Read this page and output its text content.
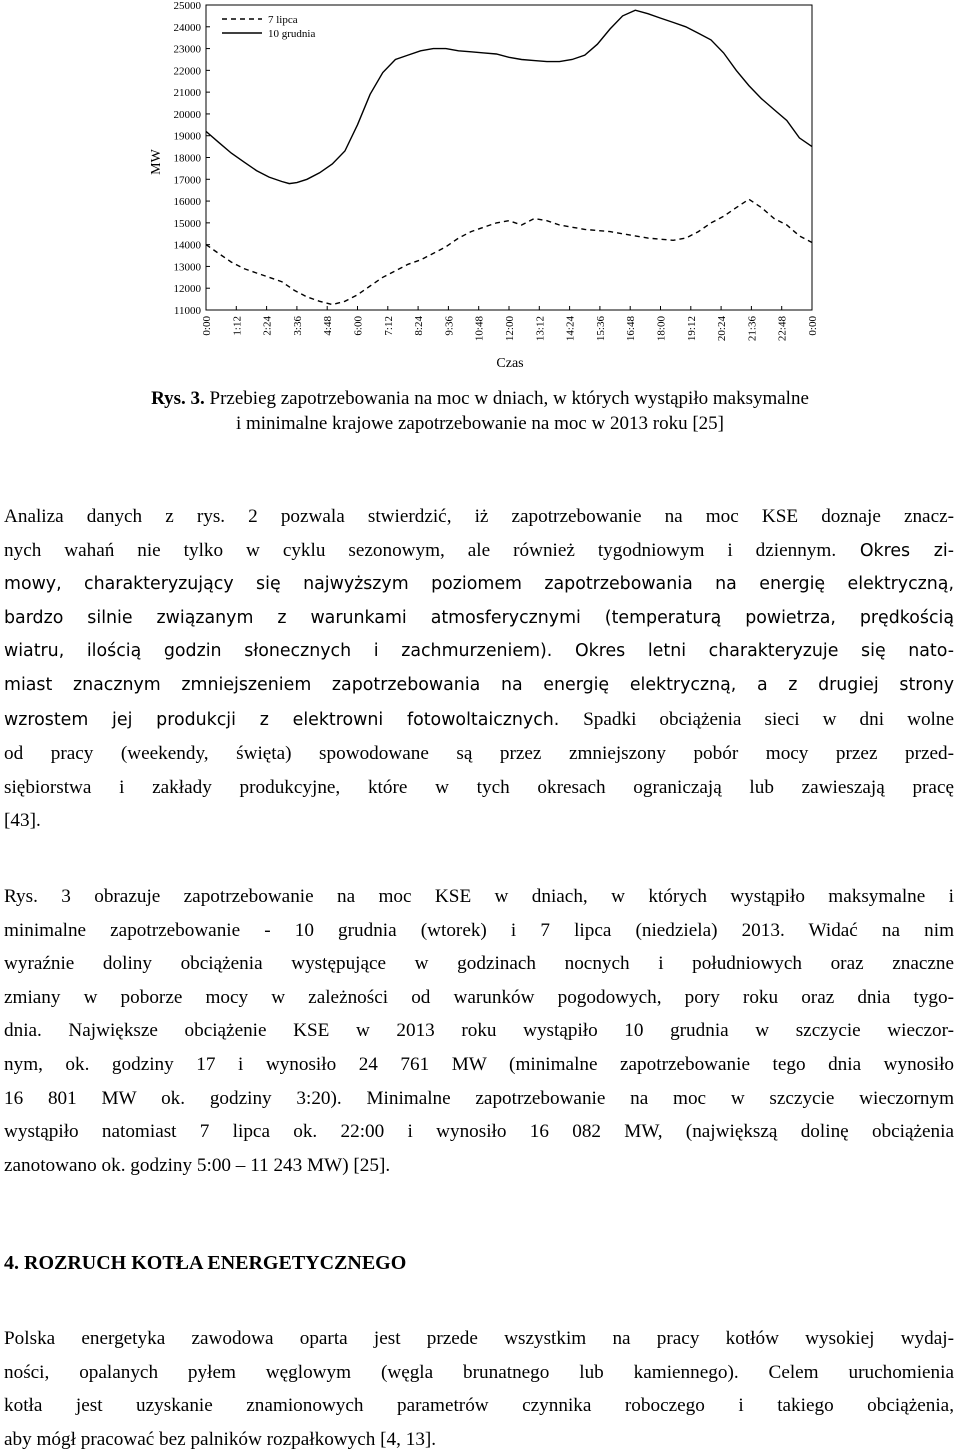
11000
12000
13000
14000
15000
16000
17000
18000
19000
20000
21000
22000
23000
24000
25000
0:00 1:12 2:24 3:36 4:48 6:00 7:12 8:24 9:36 10:48 12:00 13:12 14:24 15:36 16:48 18:00 19:12 20:24 21:36 22:48 0:00
7 lipca
10 grudnia
MW
Czas
Rys. 3. Przebieg zapotrzebowania na moc w dniach, w których wystąpiło maksymalne
i minimalne krajowe zapotrzebowanie na moc w 2013 roku [25]
Analiza danych z rys. 2 pozwala stwierdzić, iż zapotrzebowanie na moc KSE doznaje znacz-
nych wahań nie tylko w cyklu sezonowym, ale również tygodniowym i dziennym. Okres zi-
mowy, charakteryzujący się najwyższym poziomem zapotrzebowania na energię elektryczną,
bardzo silnie związanym z warunkami atmosferycznymi (temperaturą powietrza, prędkością
wiatru, ilością godzin słonecznych i zachmurzeniem). Okres letni charakteryzuje się nato-
miast znacznym zmniejszeniem zapotrzebowania na energię elektryczną, a z drugiej strony
wzrostem jej produkcji z elektrowni fotowoltaicznych. Spadki obciążenia sieci w dni wolne
od pracy (weekendy, święta) spowodowane są przez zmniejszony pobór mocy przez przed-
siębiorstwa i zakłady produkcyjne, które w tych okresach ograniczają lub zawieszają pracę
[43].
Rys. 3 obrazuje zapotrzebowanie na moc KSE w dniach, w których wystąpiło maksymalne i
minimalne zapotrzebowanie - 10 grudnia (wtorek) i 7 lipca (niedziela) 2013. Widać na nim
wyraźnie doliny obciążenia występujące w godzinach nocnych i południowych oraz znaczne
zmiany w poborze mocy w zależności od warunków pogodowych, pory roku oraz dnia tygo-
dnia. Największe obciążenie KSE w 2013 roku wystąpiło 10 grudnia w szczycie wieczor-
nym, ok. godziny 17 i wynosiło 24 761 MW (minimalne zapotrzebowanie tego dnia wynosiło
16 801 MW ok. godziny 3:20). Minimalne zapotrzebowanie na moc w szczycie wieczornym
wystąpiło natomiast 7 lipca ok. 22:00 i wynosiło 16 082 MW, (największą dolinę obciążenia
zanotowano ok. godziny 5:00 – 11 243 MW) [25].
4. ROZRUCH KOTŁA ENERGETYCZNEGO
Polska energetyka zawodowa oparta jest przede wszystkim na pracy kotłów wysokiej wydaj-
ności, opalanych pyłem węglowym (węgla brunatnego lub kamiennego). Celem uruchomienia
kotła jest uzyskanie znamionowych parametrów czynnika roboczego i takiego obciążenia,
aby mógł pracować bez palników rozpałkowych [4, 13].
